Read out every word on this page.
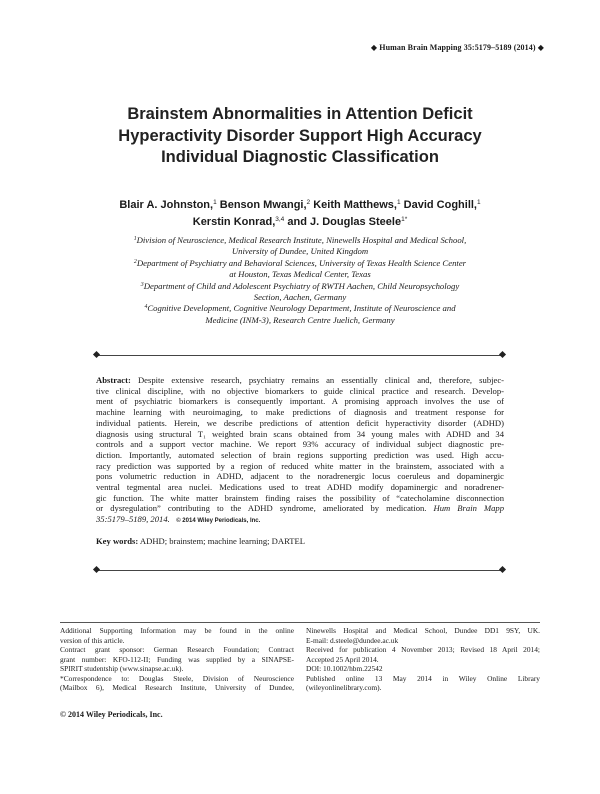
◆ Human Brain Mapping 35:5179–5189 (2014) ◆
Brainstem Abnormalities in Attention Deficit
Hyperactivity Disorder Support High Accuracy
Individual Diagnostic Classification
Blair A. Johnston,$^1$ Benson Mwangi,$^2$ Keith Matthews,$^1$ David Coghill,$^1$
Kerstin Konrad,$^{3,4}$ and J. Douglas Steele$^{1*}$
$^1$Division of Neuroscience, Medical Research Institute, Ninewells Hospital and Medical School,
University of Dundee, United Kingdom
$^2$Department of Psychiatry and Behavioral Sciences, University of Texas Health Science Center
at Houston, Texas Medical Center, Texas
$^3$Department of Child and Adolescent Psychiatry of RWTH Aachen, Child Neuropsychology
Section, Aachen, Germany
$^4$Cognitive Development, Cognitive Neurology Department, Institute of Neuroscience and
Medicine (INM-3), Research Centre Juelich, Germany
Abstract: Despite extensive research, psychiatry remains an essentially clinical and, therefore, subjec-
tive clinical discipline, with no objective biomarkers to guide clinical practice and research. Develop-
ment of psychiatric biomarkers is consequently important. A promising approach involves the use of
machine learning with neuroimaging, to make predictions of diagnosis and treatment response for
individual patients. Herein, we describe predictions of attention deficit hyperactivity disorder (ADHD)
diagnosis using structural T₁ weighted brain scans obtained from 34 young males with ADHD and 34
controls and a support vector machine. We report 93% accuracy of individual subject diagnostic pre-
diction. Importantly, automated selection of brain regions supporting prediction was used. High accu-
racy prediction was supported by a region of reduced white matter in the brainstem, associated with a
pons volumetric reduction in ADHD, adjacent to the noradrenergic locus coeruleus and dopaminergic
ventral tegmental area nuclei. Medications used to treat ADHD modify dopaminergic and noradrener-
gic function. The white matter brainstem finding raises the possibility of “catecholamine disconnection
or dysregulation” contributing to the ADHD syndrome, ameliorated by medication. Hum Brain Mapp
35:5179–5189, 2014. © 2014 Wiley Periodicals, Inc.
Key words: ADHD; brainstem; machine learning; DARTEL
Additional Supporting Information may be found in the online
version of this article.
Contract grant sponsor: German Research Foundation; Contract
grant number: KFO-112-II; Funding was supplied by a SINAPSE-
SPIRIT studentship (www.sinapse.ac.uk).
*Correspondence to: Douglas Steele, Division of Neuroscience
(Mailbox 6), Medical Research Institute, University of Dundee,
Ninewells Hospital and Medical School, Dundee DD1 9SY, UK.
E-mail: d.steele@dundee.ac.uk
Received for publication 4 November 2013; Revised 18 April 2014;
Accepted 25 April 2014.
DOI: 10.1002/hbm.22542
Published online 13 May 2014 in Wiley Online Library
(wileyonlinelibrary.com).
© 2014 Wiley Periodicals, Inc.
